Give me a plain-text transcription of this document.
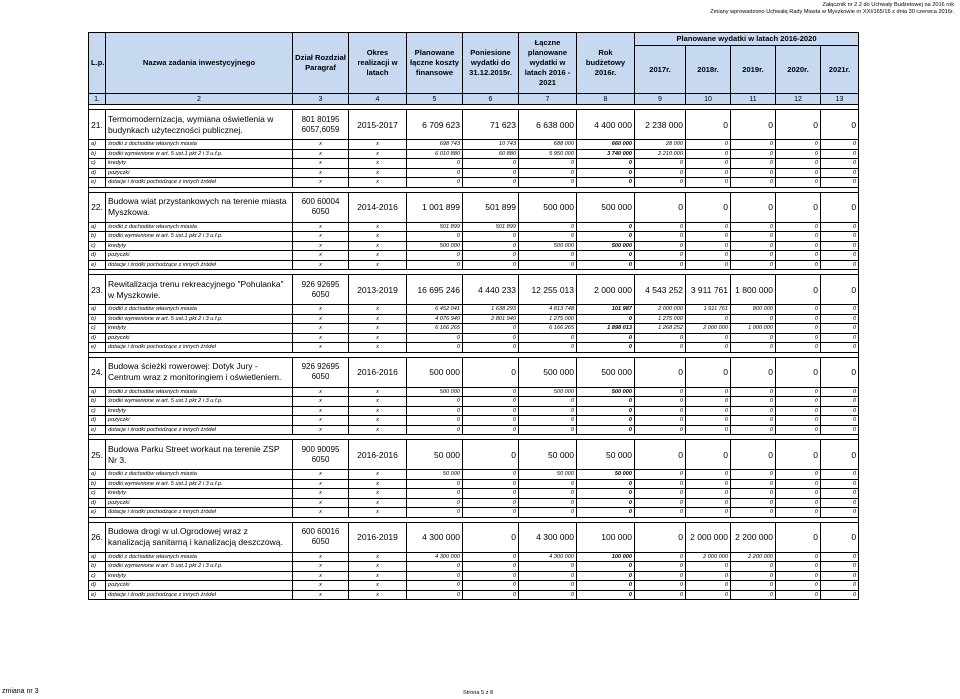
Załącznik nr 2.2 do Uchwały Budżetowej na 2016 rok
Zmiany wprowadzono Uchwałą Rady Miasta w Myszkowie nr XXI/165/16 z dnia 30 czerwca 2016r.
L.p.	Nazwa zadania inwestycyjnego	Dział Rozdział Paragraf	Okres realizacji w latach	Planowane łączne koszty finansowe	Poniesione wydatki do 31.12.2015r.	Łączne planowane wydatki w latach 2016 - 2021	Rok budżetowy 2016r.	Planowane wydatki w latach 2016-2020				
								2017r.	2018r.	2019r.	2020r.	2021r.
1.	2	3	4	5	6	7	8	9	10	11	12	13

21.	Termomodernizacja, wymiana oświetlenia w budynkach użyteczności publicznej.	801 80195 6057,6059	2015-2017	6 709 623	71 623	6 638 000	4 400 000	2 238 000	0	0	0	0
a)	środki z dochodów własnych miasta	x	x	698 743	10 743	688 000	660 000	28 000	0	0	0	0
b)	środki wymienione w art. 5 ust.1 pkt 2 i 3 u.f.p.	x	x	6 010 880	60 880	5 950 000	3 740 000	2 210 000	0	0	0	0
c)	kredyty	x	x	0	0	0	0	0	0	0	0	0
d)	pożyczki	x	x	0	0	0	0	0	0	0	0	0
e)	dotacje i środki pochodzące z innych źródeł	x	x	0	0	0	0	0	0	0	0	0

22.	Budowa wiat przystankowych na terenie miasta Myszkowa.	600 60004 6050	2014-2016	1 001 899	501 899	500 000	500 000	0	0	0	0	0
a)	środki z dochodów własnych miasta	x	x	501 899	501 899	0	0	0	0	0	0	0
b)	środki wymienione w art. 5 ust.1 pkt 2 i 3 u.f.p.	x	x	0	0	0	0	0	0	0	0	0
c)	kredyty	x	x	500 000	0	500 000	500 000	0	0	0	0	0
d)	pożyczki	x	x	0	0	0	0	0	0	0	0	0
e)	dotacje i środki pochodzące z innych źródeł	x	x	0	0	0	0	0	0	0	0	0

23.	Rewitalizacja trenu rekreacyjnego "Pohulanka" w Myszkowie.	926 92695 6050	2013-2019	16 695 246	4 440 233	12 255 013	2 000 000	4 543 252	3 911 761	1 800 000	0	0
a)	środki z dochodów własnych miasta	x	x	6 452 041	1 638 293	4 813 748	101 987	2 000 000	1 911 761	800 000	0	0
b)	środki wymienione w art. 5 ust.1 pkt 2 i 3 u.f.p.	x	x	4 076 940	2 801 940	1 275 000	0	1 275 000	0	0	0	0
c)	kredyty	x	x	6 166 265	0	6 166 265	1 898 013	1 268 252	2 000 000	1 000 000	0	0
d)	pożyczki	x	x	0	0	0	0	0	0	0	0	0
e)	dotacje i środki pochodzące z innych źródeł	x	x	0	0	0	0	0	0	0	0	0

24.	Budowa ścieżki rowerowej: Dotyk Jury - Centrum wraz z monitoringiem i oświetleniem.	926 92695 6050	2016-2016	500 000	0	500 000	500 000	0	0	0	0	0
a)	środki z dochodów własnych miasta	x	x	500 000	0	500 000	500 000	0	0	0	0	0
b)	środki wymienione w art. 5 ust.1 pkt 2 i 3 u.f.p.	x	x	0	0	0	0	0	0	0	0	0
c)	kredyty	x	x	0	0	0	0	0	0	0	0	0
d)	pożyczki	x	x	0	0	0	0	0	0	0	0	0
e)	dotacje i środki pochodzące z innych źródeł	x	x	0	0	0	0	0	0	0	0	0

25.	Budowa Parku Street workaut na terenie ZSP Nr 3.	900 90095 6050	2016-2016	50 000	0	50 000	50 000	0	0	0	0	0
a)	środki z dochodów własnych miasta	x	x	50 000	0	50 000	50 000	0	0	0	0	0
b)	środki wymienione w art. 5 ust.1 pkt 2 i 3 u.f.p.	x	x	0	0	0	0	0	0	0	0	0
c)	kredyty	x	x	0	0	0	0	0	0	0	0	0
d)	pożyczki	x	x	0	0	0	0	0	0	0	0	0
e)	dotacje i środki pochodzące z innych źródeł	x	x	0	0	0	0	0	0	0	0	0

26.	Budowa drogi w ul.Ogrodowej wraz z kanalizacją sanitarną i kanalizacją deszczową.	600 60016 6050	2016-2019	4 300 000	0	4 300 000	100 000	0	2 000 000	2 200 000	0	0
a)	środki z dochodów własnych miasta	x	x	4 300 000	0	4 300 000	100 000	0	2 000 000	2 200 000	0	0
b)	środki wymienione w art. 5 ust.1 pkt 2 i 3 u.f.p.	x	x	0	0	0	0	0	0	0	0	0
c)	kredyty	x	x	0	0	0	0	0	0	0	0	0
d)	pożyczki	x	x	0	0	0	0	0	0	0	0	0
e)	dotacje i środki pochodzące z innych źródeł	x	x	0	0	0	0	0	0	0	0	0
zmiana nr 3	Strona 5 z 8
